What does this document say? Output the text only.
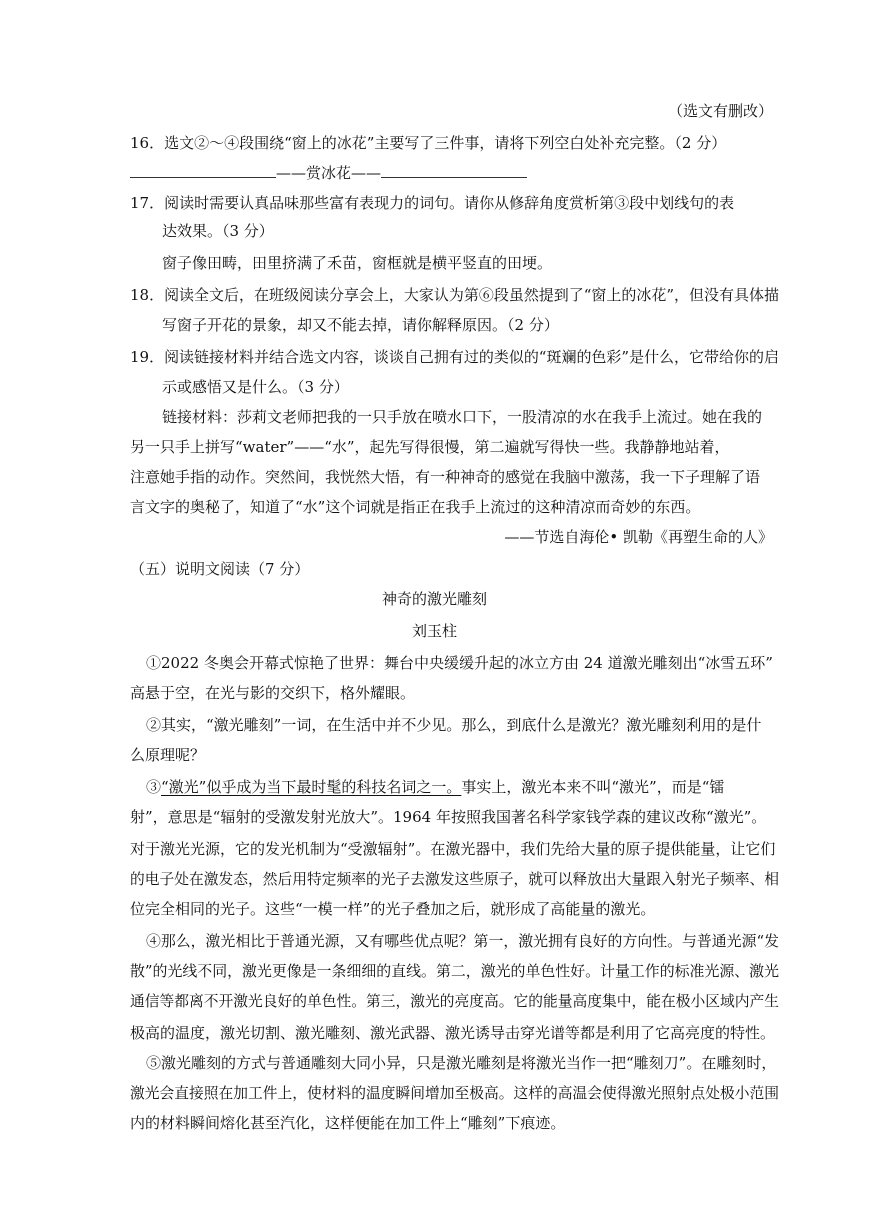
（选文有删改）
16．选文②～④段围绕“窗上的冰花”主要写了三件事，请将下列空白处补充完整。（2 分）
——赏冰花——
17．阅读时需要认真品味那些富有表现力的词句。请你从修辞角度赏析第③段中划线句的表
达效果。（3 分）
窗子像田畴，田里挤满了禾苗，窗框就是横平竖直的田埂。
18．阅读全文后，在班级阅读分享会上，大家认为第⑥段虽然提到了“窗上的冰花”，但没有具体描
写窗子开花的景象，却又不能去掉，请你解释原因。（2 分）
19．阅读链接材料并结合选文内容，谈谈自己拥有过的类似的“斑斓的色彩”是什么，它带给你的启
示或感悟又是什么。（3 分）
链接材料：莎莉文老师把我的一只手放在喷水口下，一股清凉的水在我手上流过。她在我的
另一只手上拼写“water”——“水”，起先写得很慢，第二遍就写得快一些。我静静地站着，
注意她手指的动作。突然间，我恍然大悟，有一种神奇的感觉在我脑中激荡，我一下子理解了语
言文字的奥秘了，知道了“水”这个词就是指正在我手上流过的这种清凉而奇妙的东西。
——节选自海伦• 凯勒《再塑生命的人》
（五）说明文阅读（7 分）
神奇的激光雕刻
刘玉柱
①2022 冬奥会开幕式惊艳了世界：舞台中央缓缓升起的冰立方由 24 道激光雕刻出“冰雪五环”
高悬于空，在光与影的交织下，格外耀眼。
②其实，“激光雕刻”一词，在生活中并不少见。那么，到底什么是激光？激光雕刻利用的是什
么原理呢？
③“激光”似乎成为当下最时髦的科技名词之一。事实上，激光本来不叫“激光”，而是“镭
射”，意思是“辐射的受激发射光放大”。1964 年按照我国著名科学家钱学森的建议改称“激光”。
对于激光光源，它的发光机制为“受激辐射”。在激光器中，我们先给大量的原子提供能量，让它们
的电子处在激发态，然后用特定频率的光子去激发这些原子，就可以释放出大量跟入射光子频率、相
位完全相同的光子。这些“一模一样”的光子叠加之后，就形成了高能量的激光。
④那么，激光相比于普通光源，又有哪些优点呢？第一，激光拥有良好的方向性。与普通光源“发
散”的光线不同，激光更像是一条细细的直线。第二，激光的单色性好。计量工作的标准光源、激光
通信等都离不开激光良好的单色性。第三，激光的亮度高。它的能量高度集中，能在极小区域内产生
极高的温度，激光切割、激光雕刻、激光武器、激光诱导击穿光谱等都是利用了它高亮度的特性。
⑤激光雕刻的方式与普通雕刻大同小异，只是激光雕刻是将激光当作一把“雕刻刀”。在雕刻时，
激光会直接照在加工件上，使材料的温度瞬间增加至极高。这样的高温会使得激光照射点处极小范围
内的材料瞬间熔化甚至汽化，这样便能在加工件上“雕刻”下痕迹。
